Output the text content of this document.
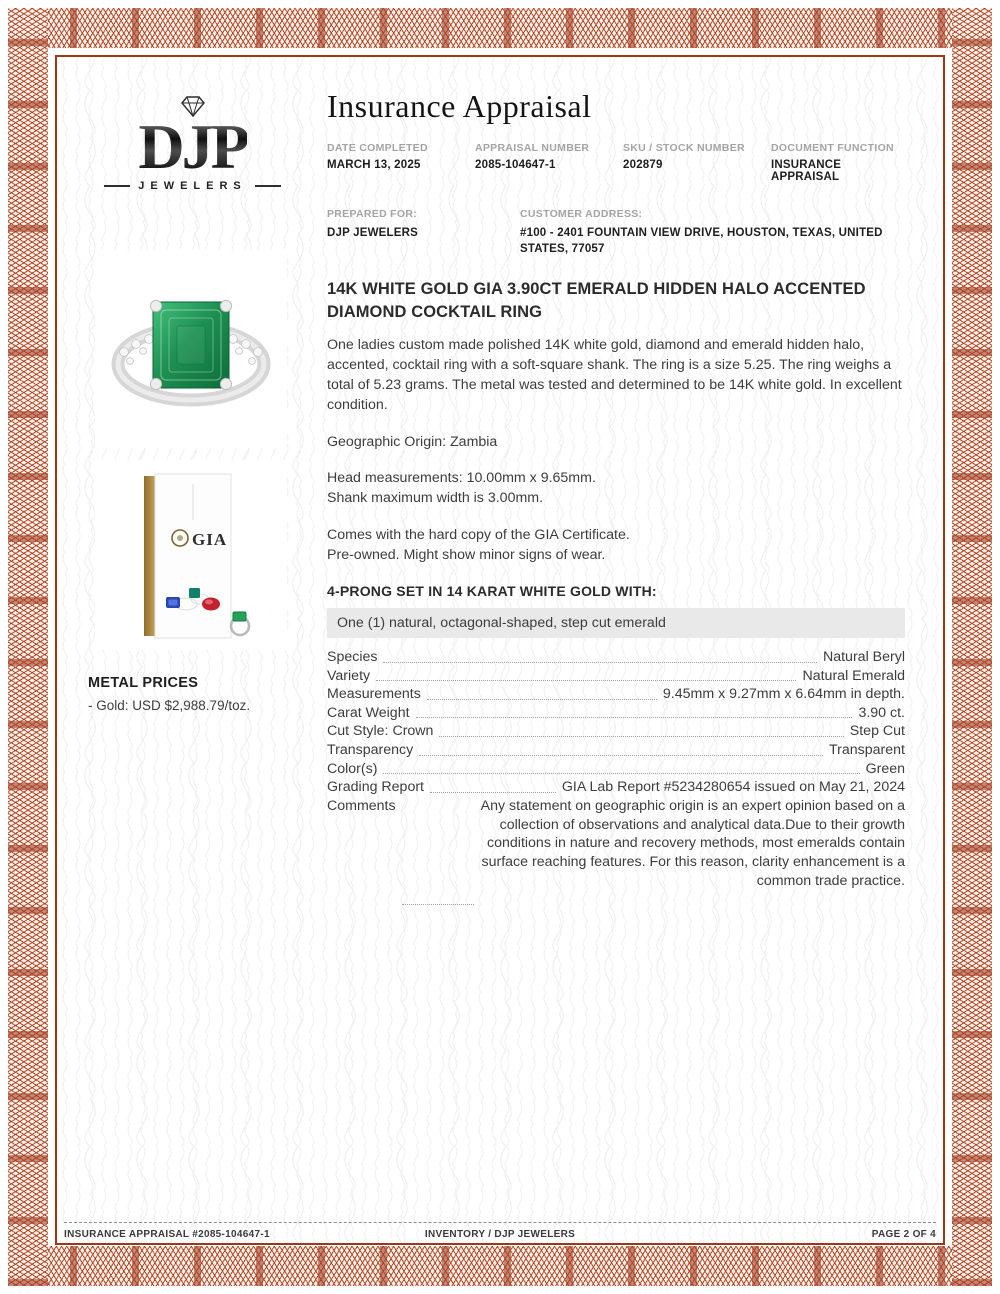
DJP
JEWELERS
GIA
METAL PRICES

- Gold: USD $2,988.79/toz.

Insurance Appraisal
DATE COMPLETED
MARCH 13, 2025
APPRAISAL NUMBER
2085-104647-1
SKU / STOCK NUMBER
202879
DOCUMENT FUNCTION
INSURANCE APPRAISAL
PREPARED FOR:
DJP JEWELERS
CUSTOMER ADDRESS:
#100 - 2401 FOUNTAIN VIEW DRIVE, HOUSTON, TEXAS, UNITED STATES, 77057
14K WHITE GOLD GIA 3.90CT EMERALD HIDDEN HALO ACCENTED DIAMOND COCKTAIL RING

One ladies custom made polished 14K white gold, diamond and emerald hidden halo, accented, cocktail ring with a soft-square shank. The ring is a size 5.25. The ring weighs a total of 5.23 grams. The metal was tested and determined to be 14K white gold. In excellent condition.

Geographic Origin: Zambia

Head measurements: 10.00mm x 9.65mm.

Shank maximum width is 3.00mm.

Comes with the hard copy of the GIA Certificate.

Pre-owned. Might show minor signs of wear.

4-PRONG SET IN 14 KARAT WHITE GOLD WITH:
One (1) natural, octagonal-shaped, step cut emerald
Species	Natural Beryl
Variety	Natural Emerald
Measurements	9.45mm x 9.27mm x 6.64mm in depth.
Carat Weight	3.90 ct.
Cut Style: Crown	Step Cut
Transparency	Transparent
Color(s)	Green
Grading Report	GIA Lab Report #5234280654 issued on May 21, 2024
Comments	Any statement on geographic origin is an expert opinion based on a collection of observations and analytical data.Due to their growth conditions in nature and recovery methods, most emeralds contain surface reaching features. For this reason, clarity enhancement is a common trade practice.
INSURANCE APPRAISAL #2085-104647-1	INVENTORY / DJP JEWELERS	PAGE 2 OF 4
